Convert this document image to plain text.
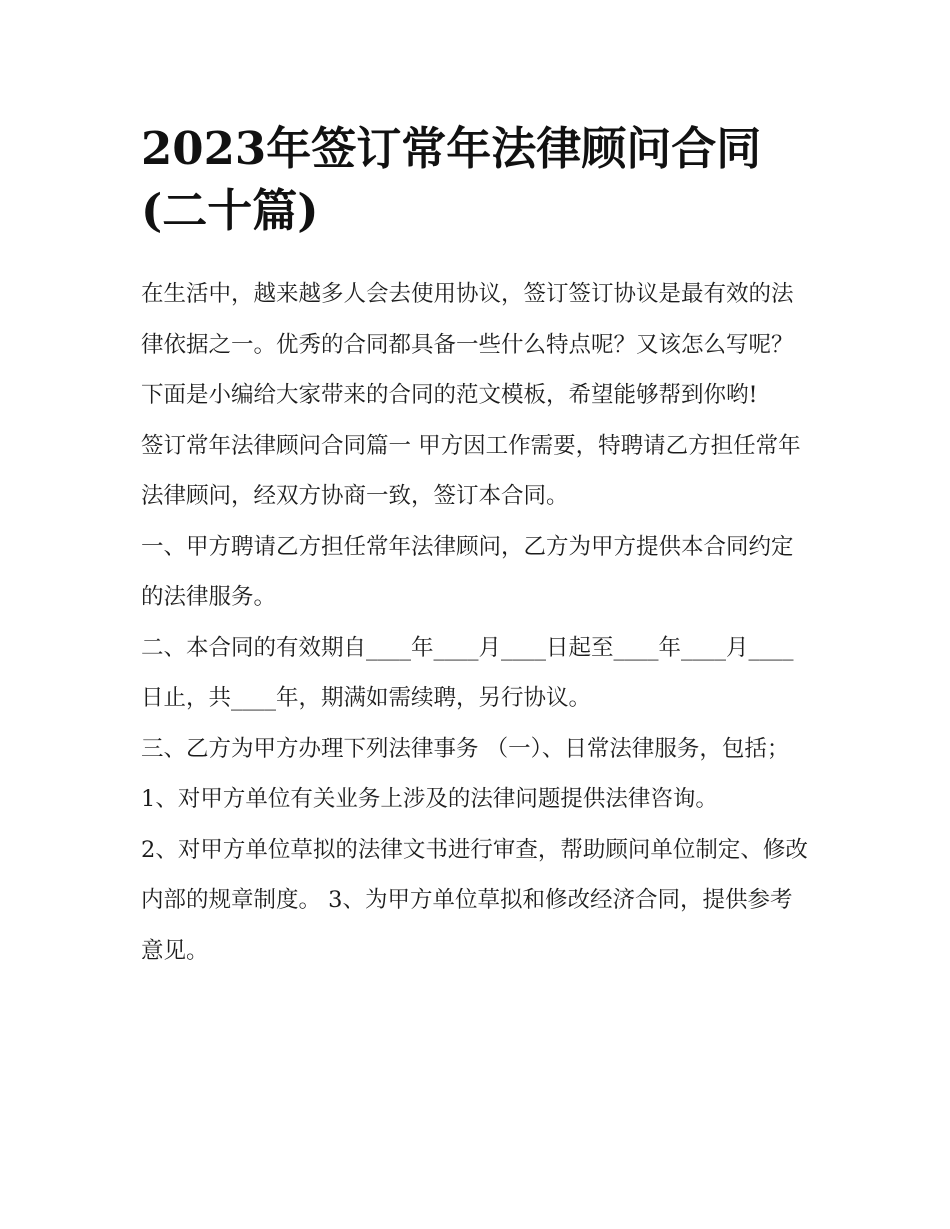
2023年签订常年法律顾问合同(二十篇)

在生活中，越来越多人会去使用协议，签订签订协议是最有效的法律依据之一。优秀的合同都具备一些什么特点呢？又该怎么写呢？下面是小编给大家带来的合同的范文模板，希望能够帮到你哟!

签订常年法律顾问合同篇一 甲方因工作需要，特聘请乙方担任常年法律顾问，经双方协商一致，签订本合同。

一、甲方聘请乙方担任常年法律顾问，乙方为甲方提供本合同约定的法律服务。

二、本合同的有效期自____年____月____日起至____年____月____日止，共____年，期满如需续聘，另行协议。

三、乙方为甲方办理下列法律事务 （一）、日常法律服务，包括； 1、对甲方单位有关业务上涉及的法律问题提供法律咨询。

2、对甲方单位草拟的法律文书进行审查，帮助顾问单位制定、修改内部的规章制度。 3、为甲方单位草拟和修改经济合同，提供参考意见。
